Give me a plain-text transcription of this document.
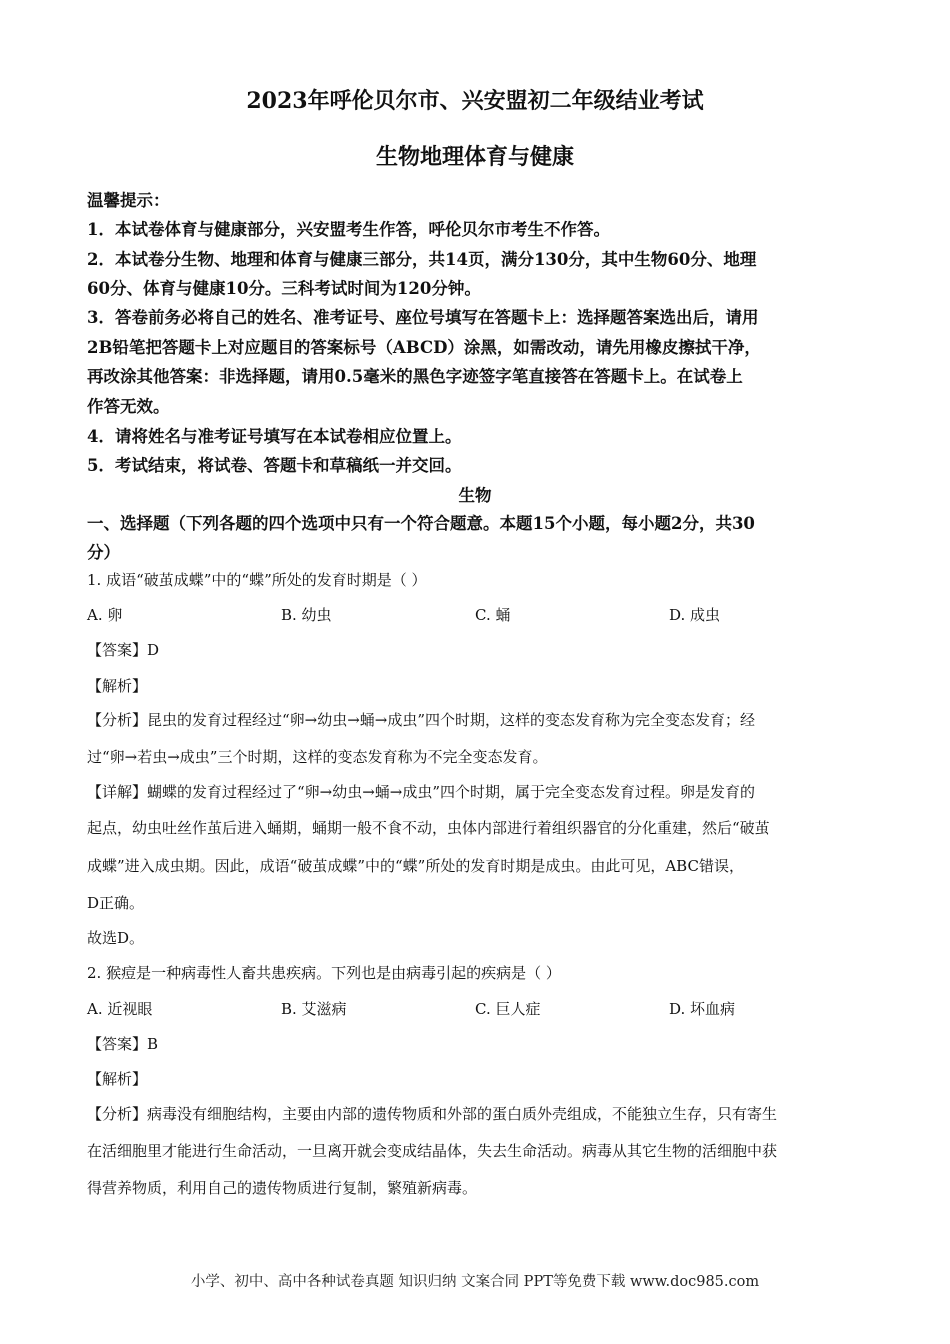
2023年呼伦贝尔市、兴安盟初二年级结业考试
生物地理体育与健康
温馨提示：
1．本试卷体育与健康部分，兴安盟考生作答，呼伦贝尔市考生不作答。
2．本试卷分生物、地理和体育与健康三部分，共14页，满分130分，其中生物60分、地理
60分、体育与健康10分。三科考试时间为120分钟。
3．答卷前务必将自己的姓名、准考证号、座位号填写在答题卡上：选择题答案选出后，请用
2B铅笔把答题卡上对应题目的答案标号（ABCD）涂黑，如需改动，请先用橡皮擦拭干净，
再改涂其他答案：非选择题，请用0.5毫米的黑色字迹签字笔直接答在答题卡上。在试卷上
作答无效。
4．请将姓名与准考证号填写在本试卷相应位置上。
5．考试结束，将试卷、答题卡和草稿纸一并交回。
生物
一、选择题（下列各题的四个选项中只有一个符合题意。本题15个小题，每小题2分，共30
分）
1. 成语“破茧成蝶”中的“蝶”所处的发育时期是（ ）
A. 卵	B. 幼虫	C. 蛹	D. 成虫
【答案】D
【解析】
【分析】昆虫的发育过程经过“卵→幼虫→蛹→成虫”四个时期，这样的变态发育称为完全变态发育；经
过“卵→若虫→成虫”三个时期，这样的变态发育称为不完全变态发育。
【详解】蝴蝶的发育过程经过了“卵→幼虫→蛹→成虫”四个时期，属于完全变态发育过程。卵是发育的
起点，幼虫吐丝作茧后进入蛹期，蛹期一般不食不动，虫体内部进行着组织器官的分化重建，然后“破茧
成蝶”进入成虫期。因此，成语“破茧成蝶”中的“蝶”所处的发育时期是成虫。由此可见，ABC错误，
D正确。
故选D。
2. 猴痘是一种病毒性人畜共患疾病。下列也是由病毒引起的疾病是（ ）
A. 近视眼	B. 艾滋病	C. 巨人症	D. 坏血病
【答案】B
【解析】
【分析】病毒没有细胞结构，主要由内部的遗传物质和外部的蛋白质外壳组成，不能独立生存，只有寄生
在活细胞里才能进行生命活动，一旦离开就会变成结晶体，失去生命活动。病毒从其它生物的活细胞中获
得营养物质，利用自己的遗传物质进行复制，繁殖新病毒。
小学、初中、高中各种试卷真题 知识归纳 文案合同 PPT等免费下载 www.doc985.com
